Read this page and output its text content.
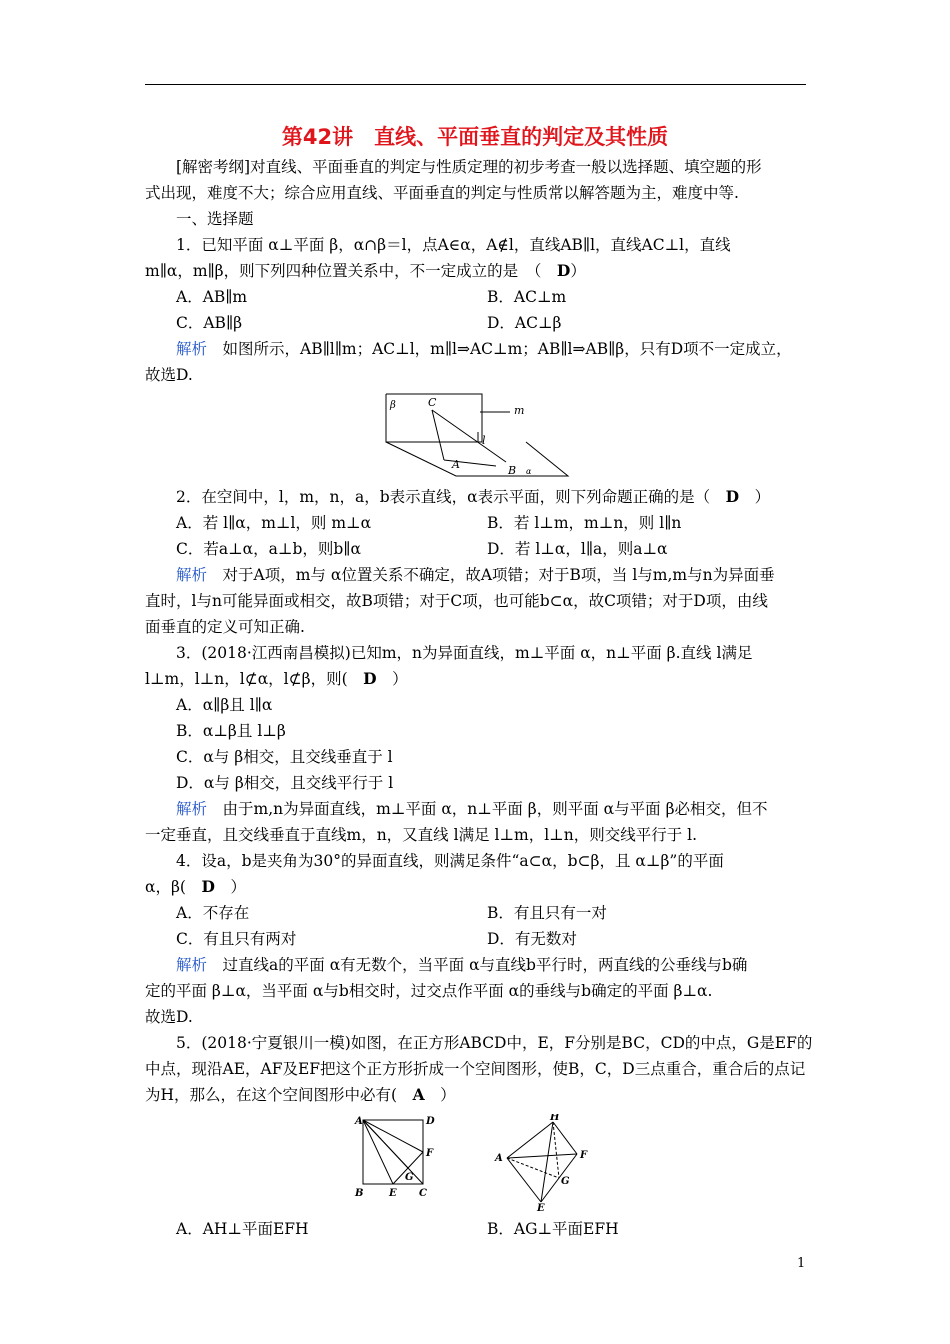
第42讲　直线、平面垂直的判定及其性质
[解密考纲]对直线、平面垂直的判定与性质定理的初步考查一般以选择题、填空题的形
式出现，难度不大；综合应用直线、平面垂直的判定与性质常以解答题为主，难度中等.
一、选择题
1．已知平面 α⊥平面 β，α∩β＝l，点A∈α，A∉l，直线AB∥l，直线AC⊥l，直线
m∥α，m∥β，则下列四种位置关系中，不一定成立的是　（　D）
A．AB∥m	B．AC⊥m
C．AB∥β	D．AC⊥β
解析　 如图所示，AB∥l∥m；AC⊥l，m∥l⇒AC⊥m；AB∥l⇒AB∥β，只有D项不一定成立，
故选D.
β	C
m
l
A	B α
2．在空间中，l，m，n，a，b表示直线，α表示平面，则下列命题正确的是（　D　 ）
A．若 l∥α，m⊥l，则 m⊥α	B．若 l⊥m，m⊥n，则 l∥n
C．若a⊥α，a⊥b，则b∥α	D．若 l⊥α，l∥a，则a⊥α
解析　 对于A项，m与 α位置关系不确定，故A项错；对于B项，当 l与m,m与n为异面垂
直时，l与n可能异面或相交，故B项错；对于C项，也可能b⊂α，故C项错；对于D项，由线
面垂直的定义可知正确.
3．(2018·江西南昌模拟)已知m，n为异面直线，m⊥平面 α，n⊥平面 β.直线 l满足
l⊥m，l⊥n，l⊄α，l⊄β，则(　D　 ）
A．α∥β且 l∥α
B．α⊥β且 l⊥β
C．α与 β相交，且交线垂直于 l
D．α与 β相交，且交线平行于 l
解析　 由于m,n为异面直线，m⊥平面 α，n⊥平面 β，则平面 α与平面 β必相交，但不
一定垂直，且交线垂直于直线m，n，又直线 l满足 l⊥m，l⊥n，则交线平行于 l.
4．设a，b是夹角为30°的异面直线，则满足条件“a⊂α，b⊂β，且 α⊥β”的平面
α，β(　D　 ）
A．不存在	B．有且只有一对
C．有且只有两对	D．有无数对
解析　 过直线a的平面 α有无数个，当平面 α与直线b平行时，两直线的公垂线与b确
定的平面 β⊥α，当平面 α与b相交时，过交点作平面 α的垂线与b确定的平面 β⊥α.
故选D.
5．(2018·宁夏银川一模)如图，在正方形ABCD中，E，F分别是BC，CD的中点，G是EF的
中点，现沿AE，AF及EF把这个正方形折成一个空间图形，使B，C，D三点重合，重合后的点记
为H，那么，在这个空间图形中必有(　A　 ）
A	D
F
B	E
G
C
H
A	F
G
E
A．AH⊥平面EFH	B．AG⊥平面EFH
1
